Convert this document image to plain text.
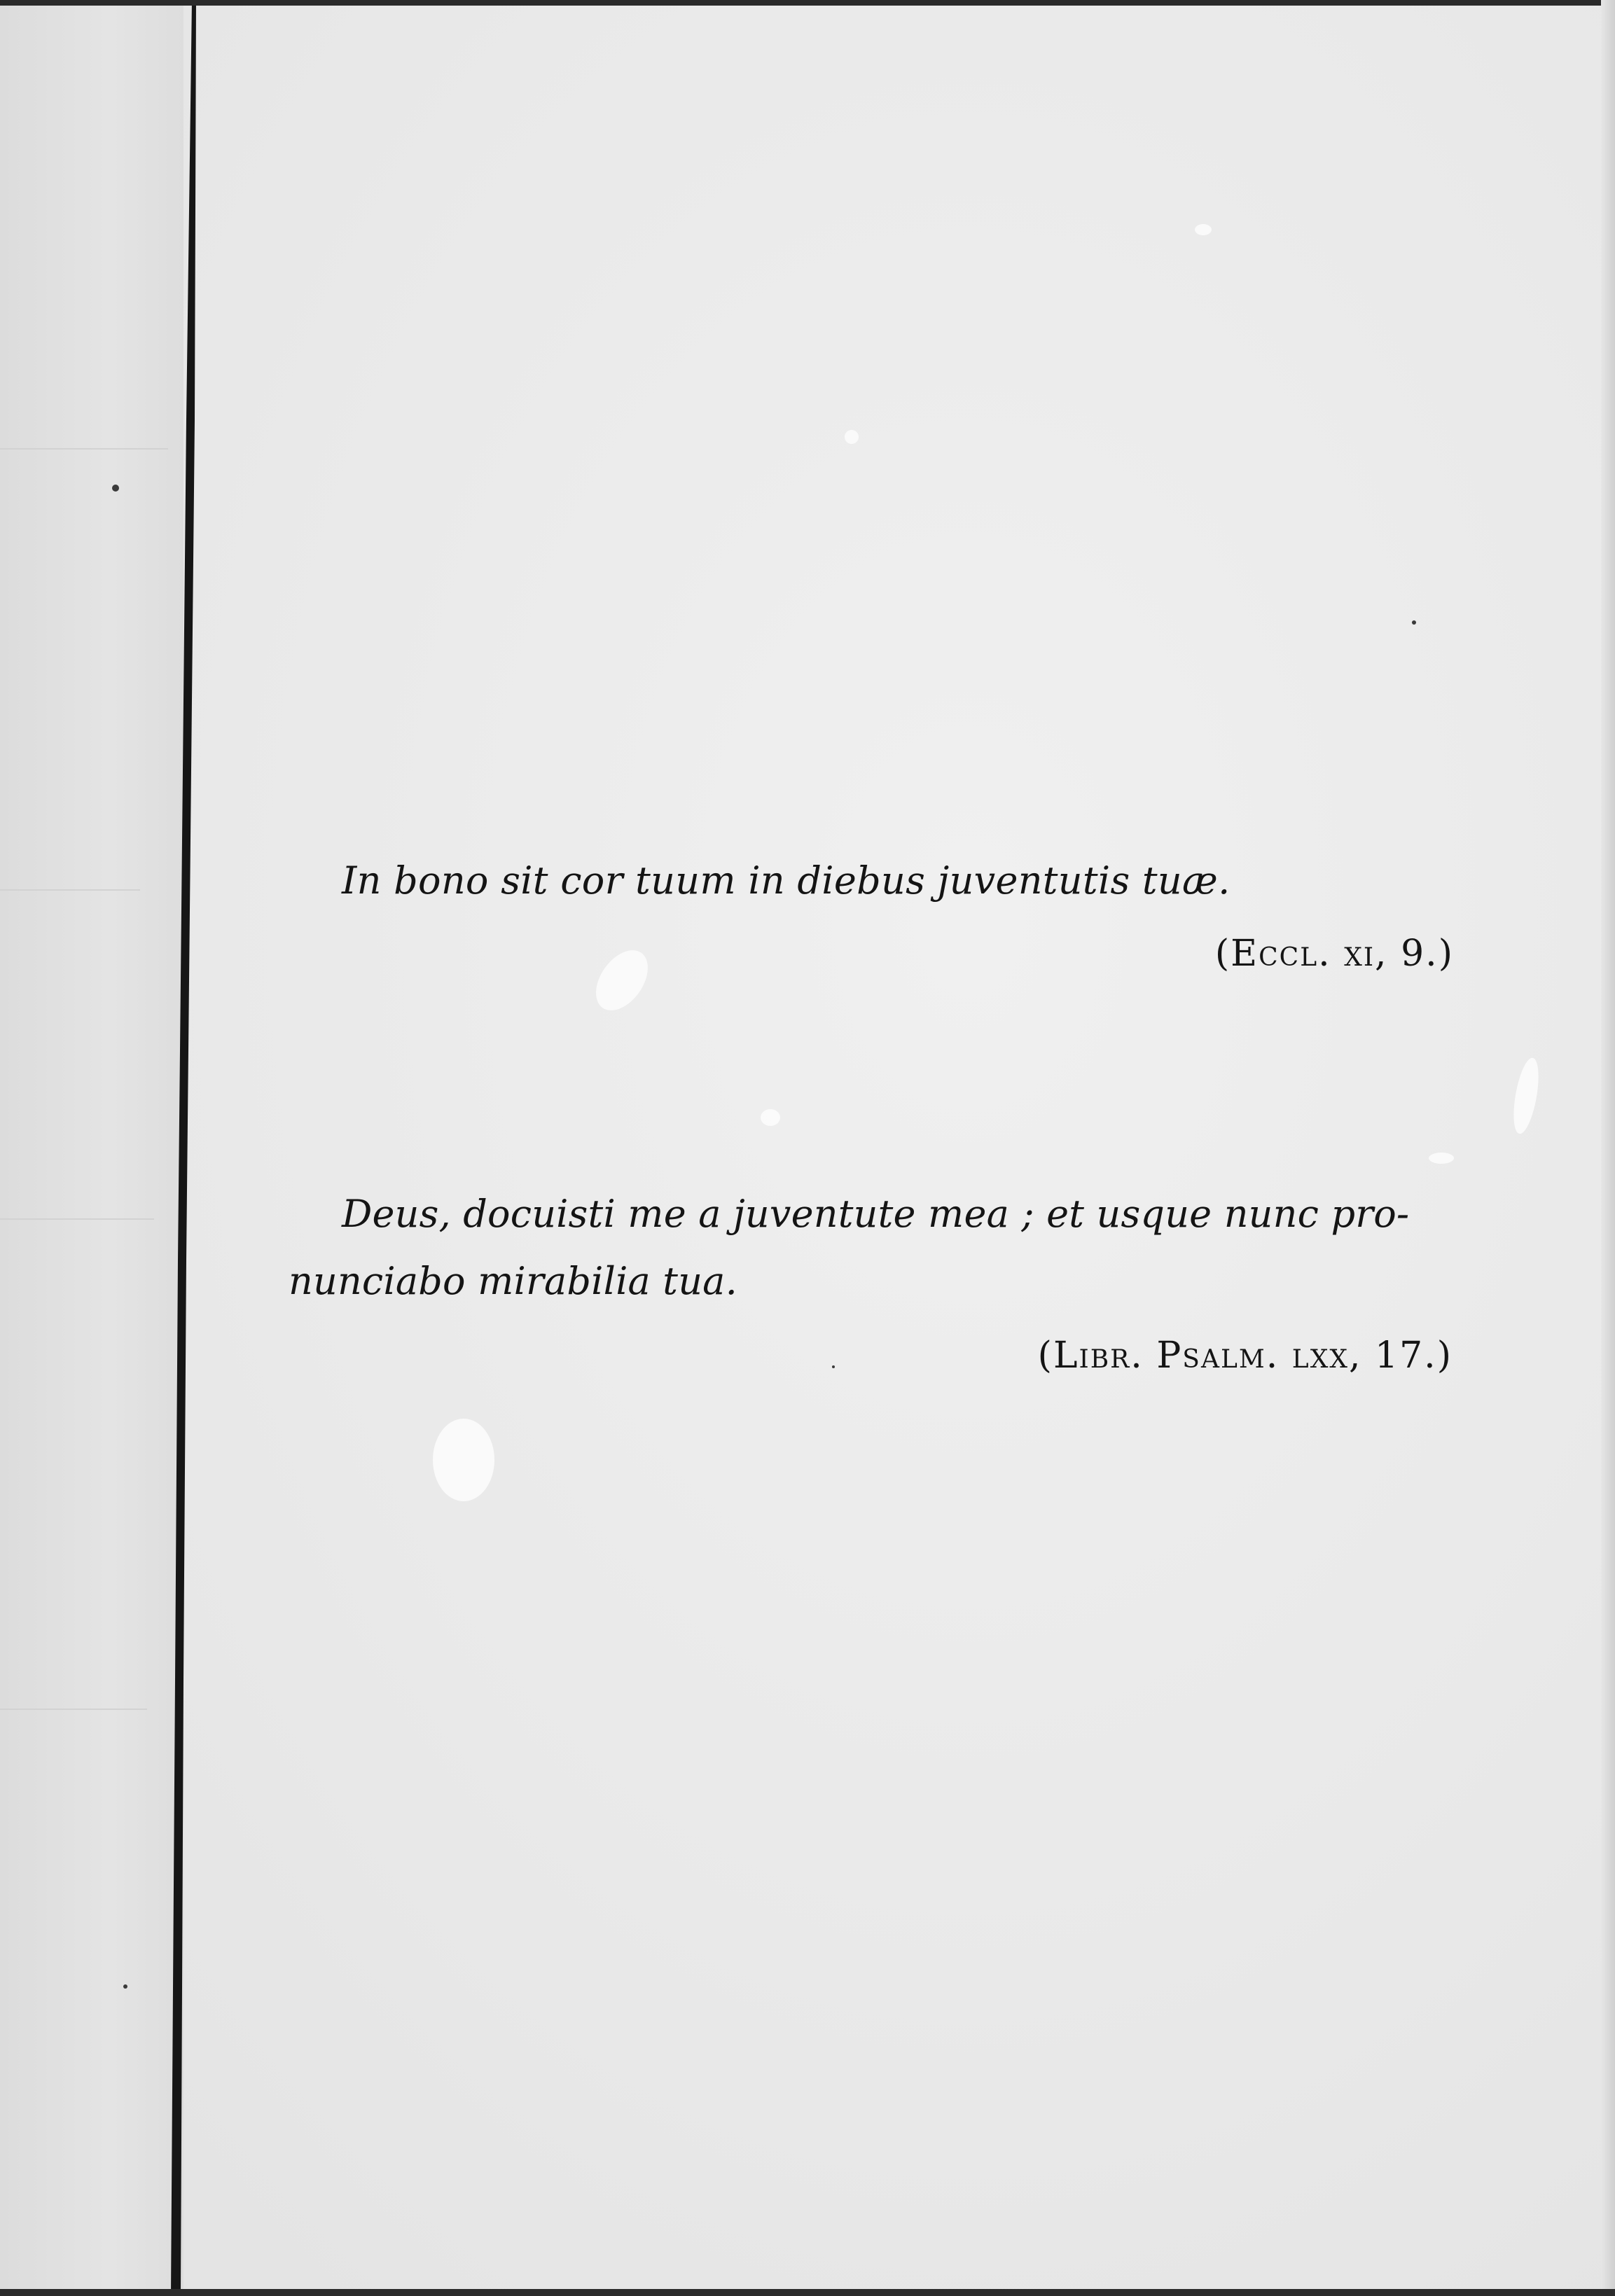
In bono sit cor tuum in diebus juventutis tuæ.

(Eccl. xi, 9.)

Deus, docuisti me a juventute mea ; et usque nunc pro-

nunciabo mirabilia tua.

(Libr. Psalm. lxx, 17.)
